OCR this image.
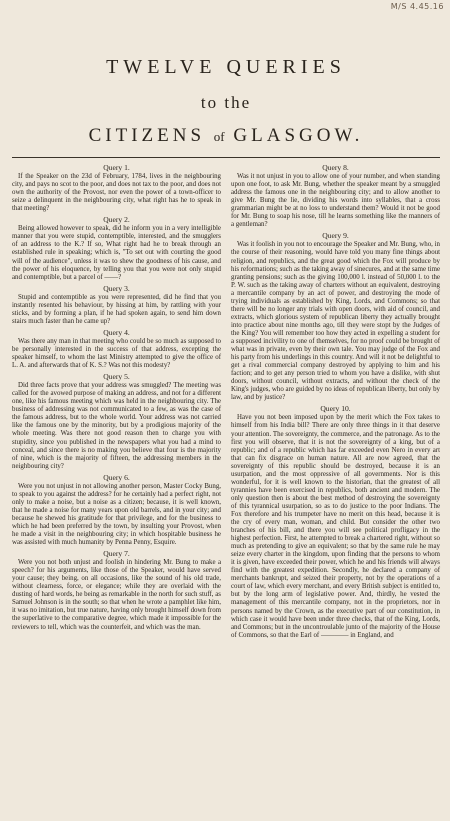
M/S 4.45.16
TWELVE QUERIES
to the
CITIZENS of GLASGOW.
Query 1.
If the Speaker on the 23d of February, 1784, lives in the neighbouring city, and pays no scot to the poor, and does not tax to the poor, and does not own the authority of the Provost, nor even the power of a town-officer to seize a delinquent in the neighbouring city, what right has he to speak in that meeting?
Query 2.
Being allowed however to speak, did he inform you in a very intelligible manner that you were stupid, contemptible, interested, and the smugglers of an address to the K.? If so, What right had he to break through an established rule in speaking; which is, "To set out with courting the good will of the audience", unless it was to shew the goodness of his cause, and the power of his eloquence, by telling you that you were not only stupid and contemptible, but a parcel of ——?
Query 3.
Stupid and contemptible as you were represented, did he find that you instantly resented his behaviour, by hissing at him, by rattling with your sticks, and by forming a plan, if he had spoken again, to send him down stairs much faster than he came up?
Query 4.
Was there any man in that meeting who could be so much as supposed to be personally interested in the success of that address, excepting the speaker himself, to whom the last Ministry attempted to give the office of L. A. and afterwards that of K. S.? Was not this modesty?
Query 5.
Did three facts prove that your address was smuggled? The meeting was called for the avowed purpose of making an address, and not for a different one, like his famous meeting which was held in the neighbouring city. The business of addressing was not communicated to a few, as was the case of the famous address, but to the whole world. Your address was not carried like the famous one by the minority, but by a prodigious majority of the whole meeting. Was there not good reason then to charge you with stupidity, since you published in the newspapers what you had a mind to conceal, and since there is no making you believe that four is the majority of nine, which is the majority of fifteen, the addressing members in the neighbouring city?
Query 6.
Were you not unjust in not allowing another person, Master Cocky Bung, to speak to you against the address? for he certainly had a perfect right, not only to make a noise, but a noise as a citizen; because, it is well known, that he made a noise for many years upon old barrels, and in your city; and because he shewed his gratitude for that privilege, and for the business to which he had been preferred by the town, by insulting your Provost, when he made a visit in the neighbouring city; in which hospitable business he was assisted with much humanity by Penna Penny, Esquire.
Query 7.
Were you not both unjust and foolish in hindering Mr. Bung to make a speech? for his arguments, like those of the Speaker, would have served your cause; they being, on all occasions, like the sound of his old trade, without clearness, force, or elegance; while they are overlaid with the dusting of hard words, he being as remarkable in the north for such stuff, as Samuel Johnson is in the south; so that when he wrote a pamphlet like him, it was no imitation, but true nature, having only brought himself down from the superlative to the comparative degree, which made it impossible for the reviewers to tell, which was the counterfeit, and which was the man.
Query 8.
Was it not unjust in you to allow one of your number, and when standing upon one foot, to ask Mr. Bung, whether the speaker meant by a smuggled address the famous one in the neighbouring city; and to allow another to give Mr. Bung the lie, dividing his words into syllables, that a cross grammarian might be at no loss to understand them? Would it not be good for Mr. Bung to soap his nose, till he learns something like the manners of a gentleman?
Query 9.
Was it foolish in you not to encourage the Speaker and Mr. Bung, who, in the course of their reasoning, would have told you many fine things about religion, and republics, and the great good which the Fox will produce by his reformations; such as the taking away of sinecures, and at the same time granting pensions; such as the giving 100,000 l. instead of 50,000 l. to the P. W. such as the taking away of charters without an equivalent, destroying a mercantile company by an act of power, and destroying the mode of trying individuals as established by King, Lords, and Commons; so that there will be no longer any trials with open doors, with aid of council, and extracts, which glorious system of republican liberty they actually brought into practice about nine months ago, till they were stopt by the Judges of the King? You will remember too how they acted in expelling a student for a supposed incivility to one of themselves, for no proof could be brought of what was in private, even by their own tale. You may judge of the Fox and his party from his underlings in this country. And will it not be delightful to get a rival commercial company destroyed by applying to him and his faction; and to get any person tried to whom you have a dislike, with shut doors, without council, without extracts, and without the check of the King's judges, who are guided by no ideas of republican liberty, but only by law, and by justice?
Query 10.
Have you not been imposed upon by the merit which the Fox takes to himself from his India bill? There are only three things in it that deserve your attention. The sovereignty, the commerce, and the patronage. As to the first you will observe, that it is not the sovereignty of a king, but of a republic; and of a republic which has far exceeded even Nero in every art that can fix disgrace on human nature. All are now agreed, that the sovereignty of this republic should be destroyed, because it is an usurpation, and the most oppressive of all governments. Nor is this wonderful, for it is well known to the historian, that the greatest of all tyrannies have been exercised in republics, both ancient and modern. The only question then is about the best method of destroying the sovereignty of this tyrannical usurpation, so as to do justice to the poor Indians. The Fox therefore and his trumpeter have no merit on this head, because it is the cry of every man, woman, and child. But consider the other two branches of his bill, and there you will see political profligacy in the highest perfection. First, he attempted to break a chartered right, without so much as pretending to give an equivalent; so that by the same rule he may seize every charter in the kingdom, upon finding that the persons to whom it is given, have exceeded their power, which he and his friends will always find with the greatest expedition. Secondly, he declared a company of merchants bankrupt, and seized their property, not by the operations of a court of law, which every merchant, and every British subject is entitled to, but by the long arm of legislative power. And, thirdly, he vested the management of this mercantile company, not in the proprietors, nor in persons named by the Crown, as the executive part of our constitution, in which case it would have been under three checks, that of the King, Lords, and Commons; but in the uncontroulable junto of the majority of the House of Commons, so that the Earl of ———— in England, and
